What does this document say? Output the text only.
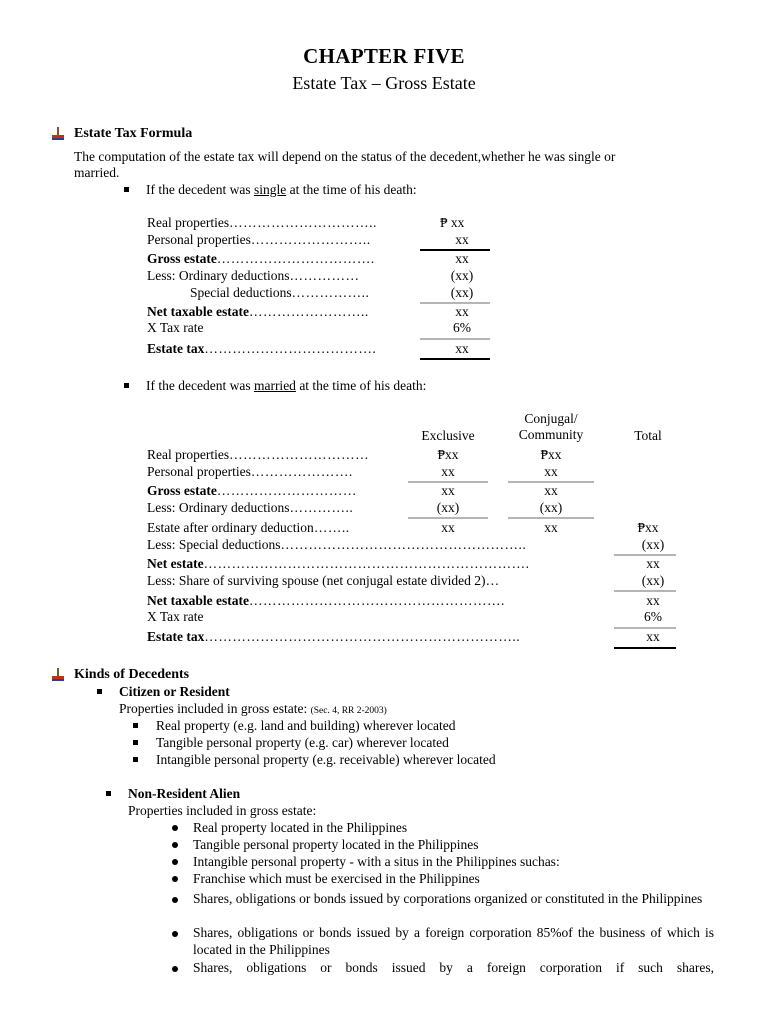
CHAPTER FIVE
Estate Tax – Gross Estate
Estate Tax Formula
The computation of the estate tax will depend on the status of the decedent,whether he was single or
married.
If the decedent was single at the time of his death:
Real properties…………………………..
Personal properties……………………..
Gross estate…………………………….
Less: Ordinary deductions……………
Special deductions……………..
Net taxable estate……………………..
X Tax rate
Estate tax……………………………….
₱ xx
xx
xx
(xx)
(xx)
xx
6%
xx
If the decedent was married at the time of his death:
Exclusive
Conjugal/
Community	Total
Real properties…………………………
Personal properties………………….
Gross estate…………………………
Less: Ordinary deductions…………..
Estate after ordinary deduction……..
Less: Special deductions……………………………………………..
Net estate…………………………………………………………….
Less: Share of surviving spouse (net conjugal estate divided 2)…
Net taxable estate……………………………………………….
X Tax rate
Estate tax…………………………………………………………..
₱xx
xx
xx
(xx)
xx
₱xx
xx
xx
(xx)
xx	₱xx
(xx)
xx
(xx)
xx
6%
xx
Kinds of Decedents
Citizen or Resident
Properties included in gross estate: (Sec. 4, RR 2-2003)
Real property (e.g. land and building) wherever located
Tangible personal property (e.g. car) wherever located
Intangible personal property (e.g. receivable) wherever located
Non-Resident Alien
Properties included in gross estate:
Real property located in the Philippines
Tangible personal property located in the Philippines
Intangible personal property - with a situs in the Philippines suchas:
Franchise which must be exercised in the Philippines
Shares, obligations or bonds issued by corporations organized or constituted in the Philippines
Shares, obligations or bonds issued by a foreign corporation 85%of the business of which is located in the Philippines
Shares, obligations or bonds issued by a foreign corporation if such shares,
